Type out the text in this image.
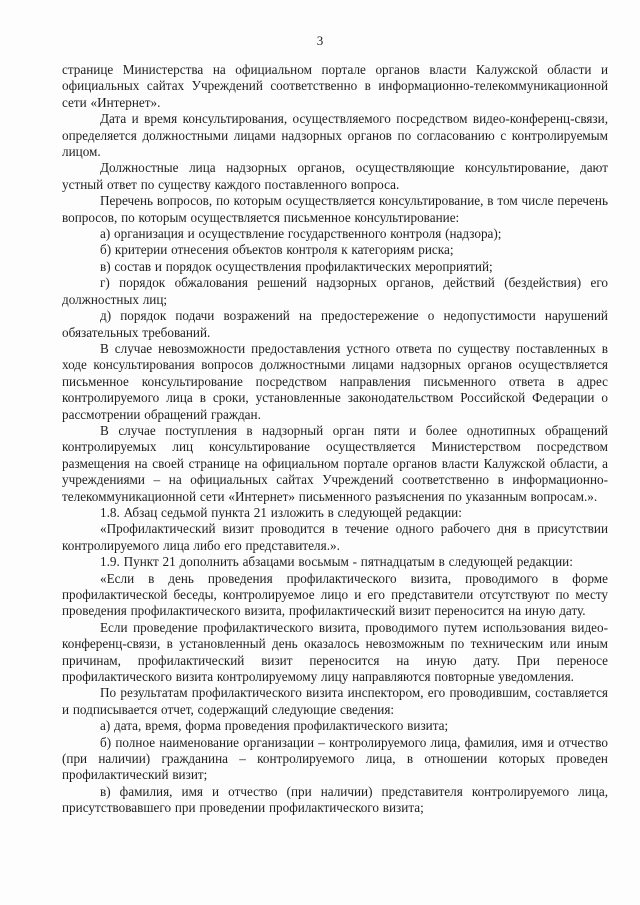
3

странице Министерства на официальном портале органов власти Калужской области и официальных сайтах Учреждений соответственно в информационно-телекоммуникационной сети «Интернет».

Дата и время консультирования, осуществляемого посредством видео-конференц-связи, определяется должностными лицами надзорных органов по согласованию с контролируемым лицом.

Должностные лица надзорных органов, осуществляющие консультирование, дают устный ответ по существу каждого поставленного вопроса.

Перечень вопросов, по которым осуществляется консультирование, в том числе перечень вопросов, по которым осуществляется письменное консультирование:

а) организация и осуществление государственного контроля (надзора);

б) критерии отнесения объектов контроля к категориям риска;

в) состав и порядок осуществления профилактических мероприятий;

г) порядок обжалования решений надзорных органов, действий (бездействия) его должностных лиц;

д) порядок подачи возражений на предостережение о недопустимости нарушений обязательных требований.

В случае невозможности предоставления устного ответа по существу поставленных в ходе консультирования вопросов должностными лицами надзорных органов осуществляется письменное консультирование посредством направления письменного ответа в адрес контролируемого лица в сроки, установленные законодательством Российской Федерации о рассмотрении обращений граждан.

В случае поступления в надзорный орган пяти и более однотипных обращений контролируемых лиц консультирование осуществляется Министерством посредством размещения на своей странице на официальном портале органов власти Калужской области, а учреждениями – на официальных сайтах Учреждений соответственно в информационно-телекоммуникационной сети «Интернет» письменного разъяснения по указанным вопросам.».

1.8. Абзац седьмой пункта 21 изложить в следующей редакции:

«Профилактический визит проводится в течение одного рабочего дня в присутствии контролируемого лица либо его представителя.».

1.9. Пункт 21 дополнить абзацами восьмым - пятнадцатым в следующей редакции:

«Если в день проведения профилактического визита, проводимого в форме профилактической беседы, контролируемое лицо и его представители отсутствуют по месту проведения профилактического визита, профилактический визит переносится на иную дату.

Если проведение профилактического визита, проводимого путем использования видео-конференц-связи, в установленный день оказалось невозможным по техническим или иным причинам, профилактический визит переносится на иную дату. При переносе профилактического визита контролируемому лицу направляются повторные уведомления.

По результатам профилактического визита инспектором, его проводившим, составляется и подписывается отчет, содержащий следующие сведения:

а) дата, время, форма проведения профилактического визита;

б) полное наименование организации – контролируемого лица, фамилия, имя и отчество (при наличии) гражданина – контролируемого лица, в отношении которых проведен профилактический визит;

в) фамилия, имя и отчество (при наличии) представителя контролируемого лица, присутствовавшего при проведении профилактического визита;
